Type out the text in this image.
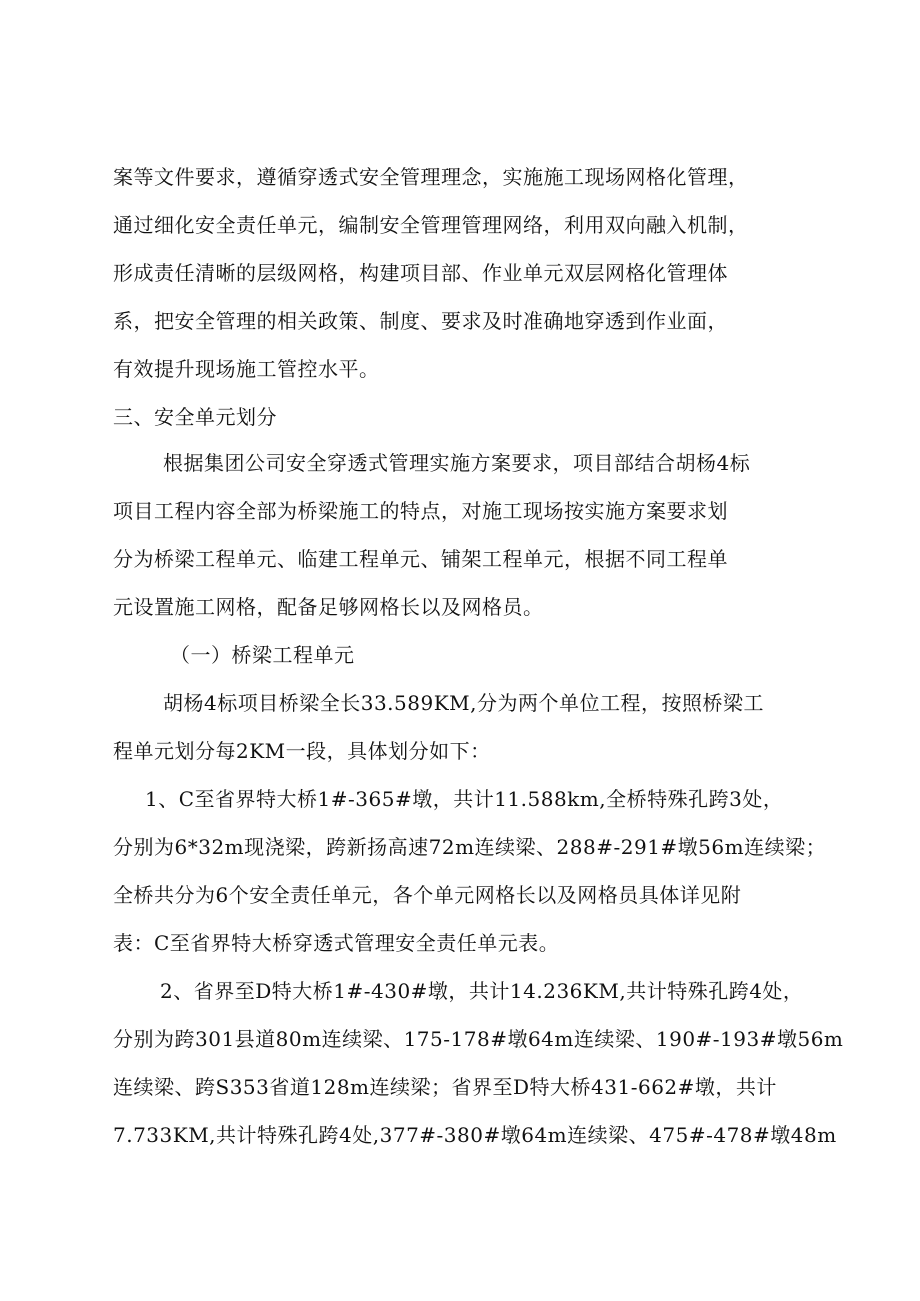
案等文件要求，遵循穿透式安全管理理念，实施施工现场网格化管理，
通过细化安全责任单元，编制安全管理管理网络，利用双向融入机制，
形成责任清晰的层级网格，构建项目部、作业单元双层网格化管理体
系，把安全管理的相关政策、制度、要求及时准确地穿透到作业面，
有效提升现场施工管控水平。
三、安全单元划分
根据集团公司安全穿透式管理实施方案要求，项目部结合胡杨4标
项目工程内容全部为桥梁施工的特点，对施工现场按实施方案要求划
分为桥梁工程单元、临建工程单元、铺架工程单元，根据不同工程单
元设置施工网格，配备足够网格长以及网格员。
（一）桥梁工程单元
胡杨4标项目桥梁全长33.589KM,分为两个单位工程，按照桥梁工
程单元划分每2KM一段，具体划分如下：
1、C至省界特大桥1#-365#墩，共计11.588km,全桥特殊孔跨3处，
分别为6*32m现浇梁，跨新扬高速72m连续梁、288#-291#墩56m连续梁；
全桥共分为6个安全责任单元，各个单元网格长以及网格员具体详见附
表：C至省界特大桥穿透式管理安全责任单元表。
2、省界至D特大桥1#-430#墩，共计14.236KM,共计特殊孔跨4处，
分别为跨301县道80m连续梁、175-178#墩64m连续梁、190#-193#墩56m
连续梁、跨S353省道128m连续梁；省界至D特大桥431-662#墩，共计
7.733KM,共计特殊孔跨4处,377#-380#墩64m连续梁、475#-478#墩48m
